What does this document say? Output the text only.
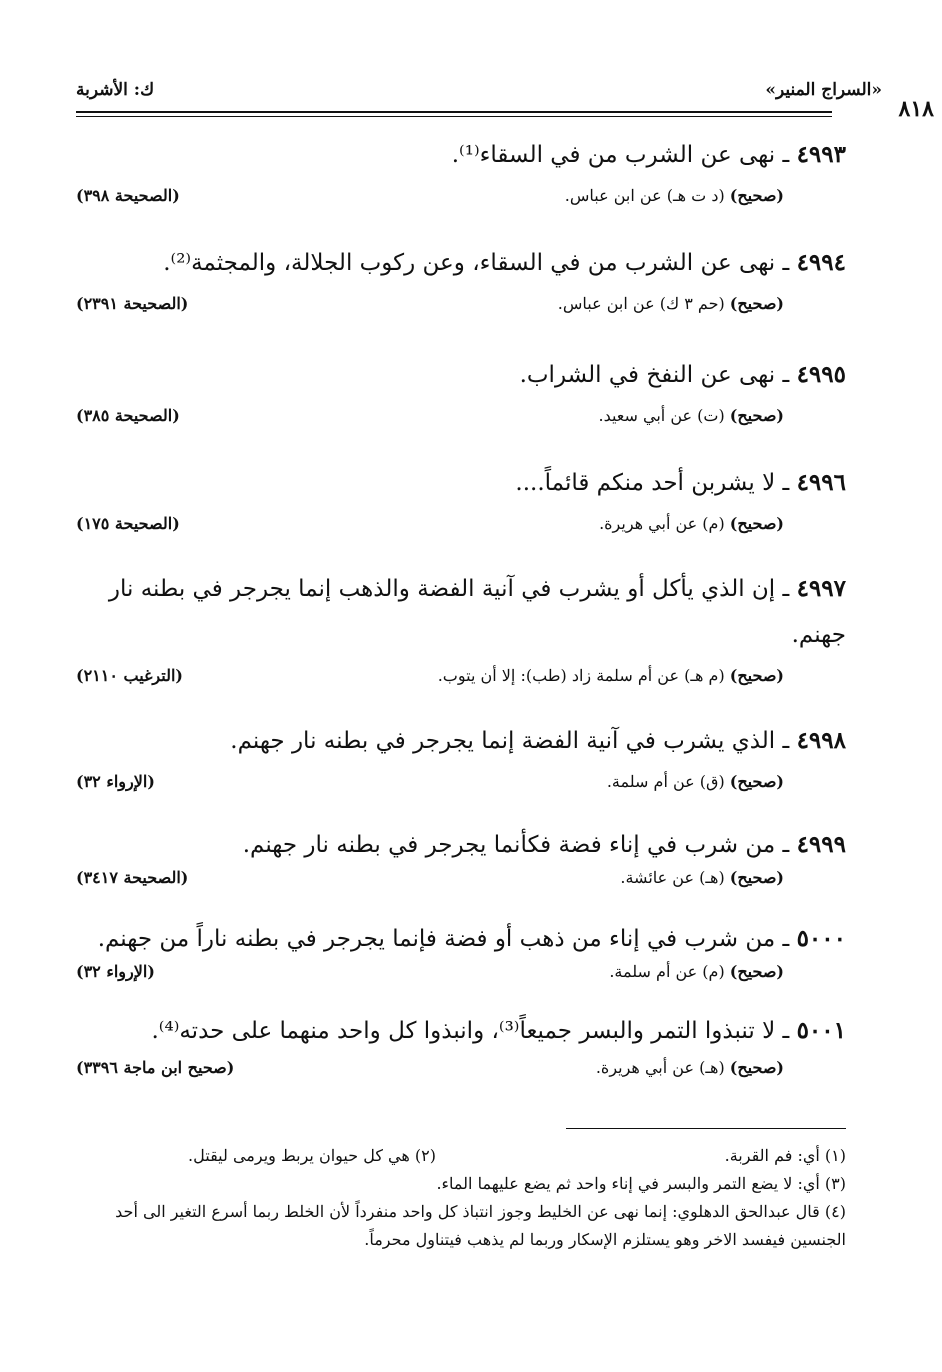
«السراج المنير»
ك: الأشربة
٨١٨
٤٩٩٣ ـ نهى عن الشرب من في السقاء⁽¹⁾.
(صحيح) (د ت هـ) عن ابن عباس.
(الصحيحة ٣٩٨)
٤٩٩٤ ـ نهى عن الشرب من في السقاء، وعن ركوب الجلالة، والمجثمة⁽²⁾.
(صحيح) (حم ٣ ك) عن ابن عباس.
(الصحيحة ٢٣٩١)
٤٩٩٥ ـ نهى عن النفخ في الشراب.
(صحيح) (ت) عن أبي سعيد.
(الصحيحة ٣٨٥)
٤٩٩٦ ـ لا يشربن أحد منكم قائماً....
(صحيح) (م) عن أبي هريرة.
(الصحيحة ١٧٥)
٤٩٩٧ ـ إن الذي يأكل أو يشرب في آنية الفضة والذهب إنما يجرجر في بطنه نار جهنم.
(صحيح) (م هـ) عن أم سلمة زاد (طب): إلا أن يتوب.
(الترغيب ٢١١٠)
٤٩٩٨ ـ الذي يشرب في آنية الفضة إنما يجرجر في بطنه نار جهنم.
(صحيح) (ق) عن أم سلمة.
(الإرواء ٣٢)
٤٩٩٩ ـ من شرب في إناء فضة فكأنما يجرجر في بطنه نار جهنم.
(صحيح) (هـ) عن عائشة.
(الصحيحة ٣٤١٧)
٥٠٠٠ ـ من شرب في إناء من ذهب أو فضة فإنما يجرجر في بطنه ناراً من جهنم.
(صحيح) (م) عن أم سلمة.
(الإرواء ٣٢)
٥٠٠١ ـ لا تنبذوا التمر والبسر جميعاً⁽³⁾، وانبذوا كل واحد منهما على حدته⁽⁴⁾.
(صحيح) (هـ) عن أبي هريرة.
(صحيح ابن ماجة ٣٣٩٦)
(١) أي: فم القربة.
(٢) هي كل حيوان يربط ويرمى ليقتل.
(٣) أي: لا يضع التمر والبسر في إناء واحد ثم يضع عليهما الماء.
(٤) قال عبدالحق الدهلوي: إنما نهى عن الخليط وجوز انتباذ كل واحد منفرداً لأن الخلط ربما أسرع التغير الى أحد الجنسين فيفسد الاخر وهو يستلزم الإسكار وربما لم يذهب فيتناول محرماً.
